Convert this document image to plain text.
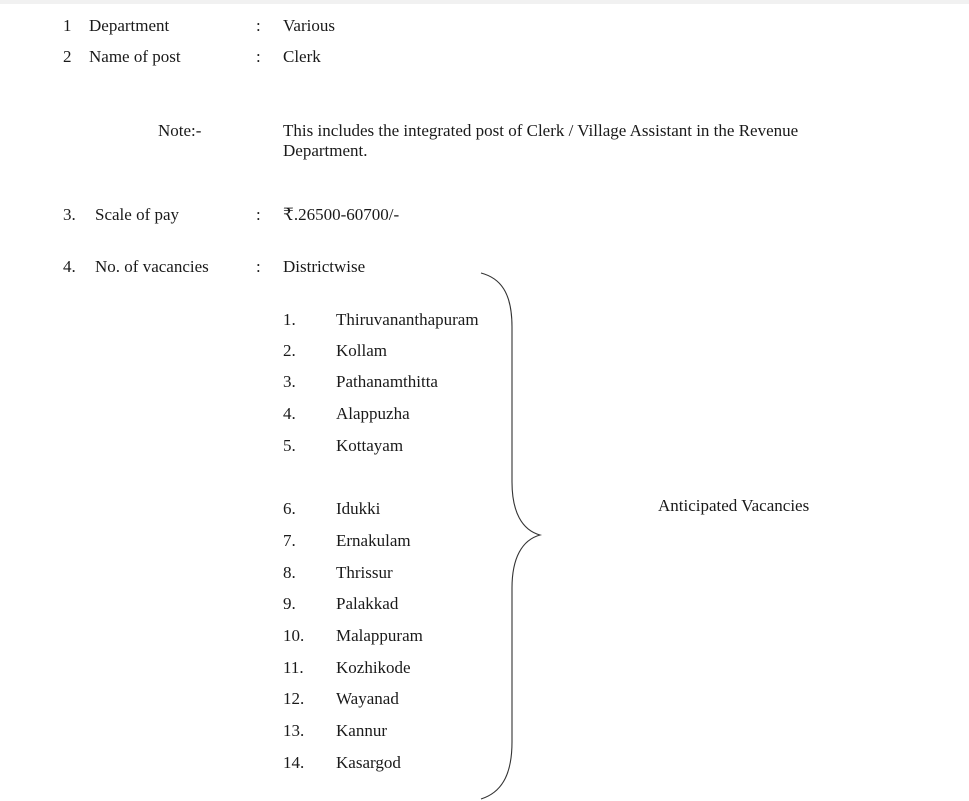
1 Department	: Various
2 Name of post	: Clerk
Note:-	This includes the integrated post of Clerk / Village Assistant in the Revenue Department.
3. Scale of pay	: ₹.26500-60700/-
4. No. of vacancies	: Districtwise
1. Thiruvananthapuram
2. Kollam
3. Pathanamthitta
4. Alappuzha
5. Kottayam
6. Idukki
7. Ernakulam
8. Thrissur
9. Palakkad
10. Malappuram
11. Kozhikode
12. Wayanad
13. Kannur
14. Kasargod
Anticipated Vacancies
